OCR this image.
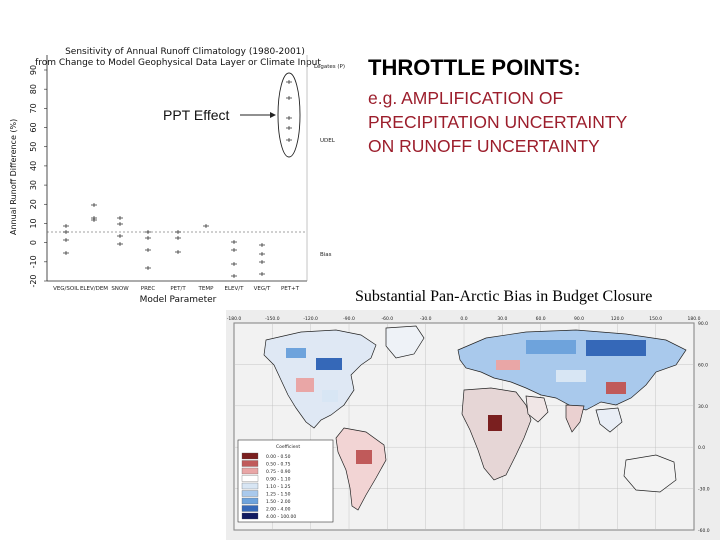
Sensitivity of Annual Runoff Climatology (1980-2001)
from Change to Model Geophysical Data Layer or Climate Input
-20
-10
0
10
20
30
40
50
60
70
80
90
VEG/SOIL ELEV/DEM SNOW PREC	PET/T TEMP ELEV/T VEG/T PET+T
Annual Runoff Difference (%)
Model Parameter
Legates (P)
UDEL
Bias
PPT Effect
THROTTLE POINTS:
e.g. AMPLIFICATION OF
PRECIPITATION UNCERTAINTY
ON RUNOFF UNCERTAINTY
Substantial Pan-Arctic Bias in Budget Closure
-180.0	-150.0	-120.0	-90.0	-60.0	-30.0	0.0	30.0	60.0	90.0	120.0	150.0	180.0
90.0
60.0
30.0
0.0
-30.0
-60.0
Coefficient
0.00 - 0.50
0.50 - 0.75
0.75 - 0.90
0.90 - 1.10
1.10 - 1.25
1.25 - 1.50
1.50 - 2.00
2.00 - 4.00
4.00 - 100.00
